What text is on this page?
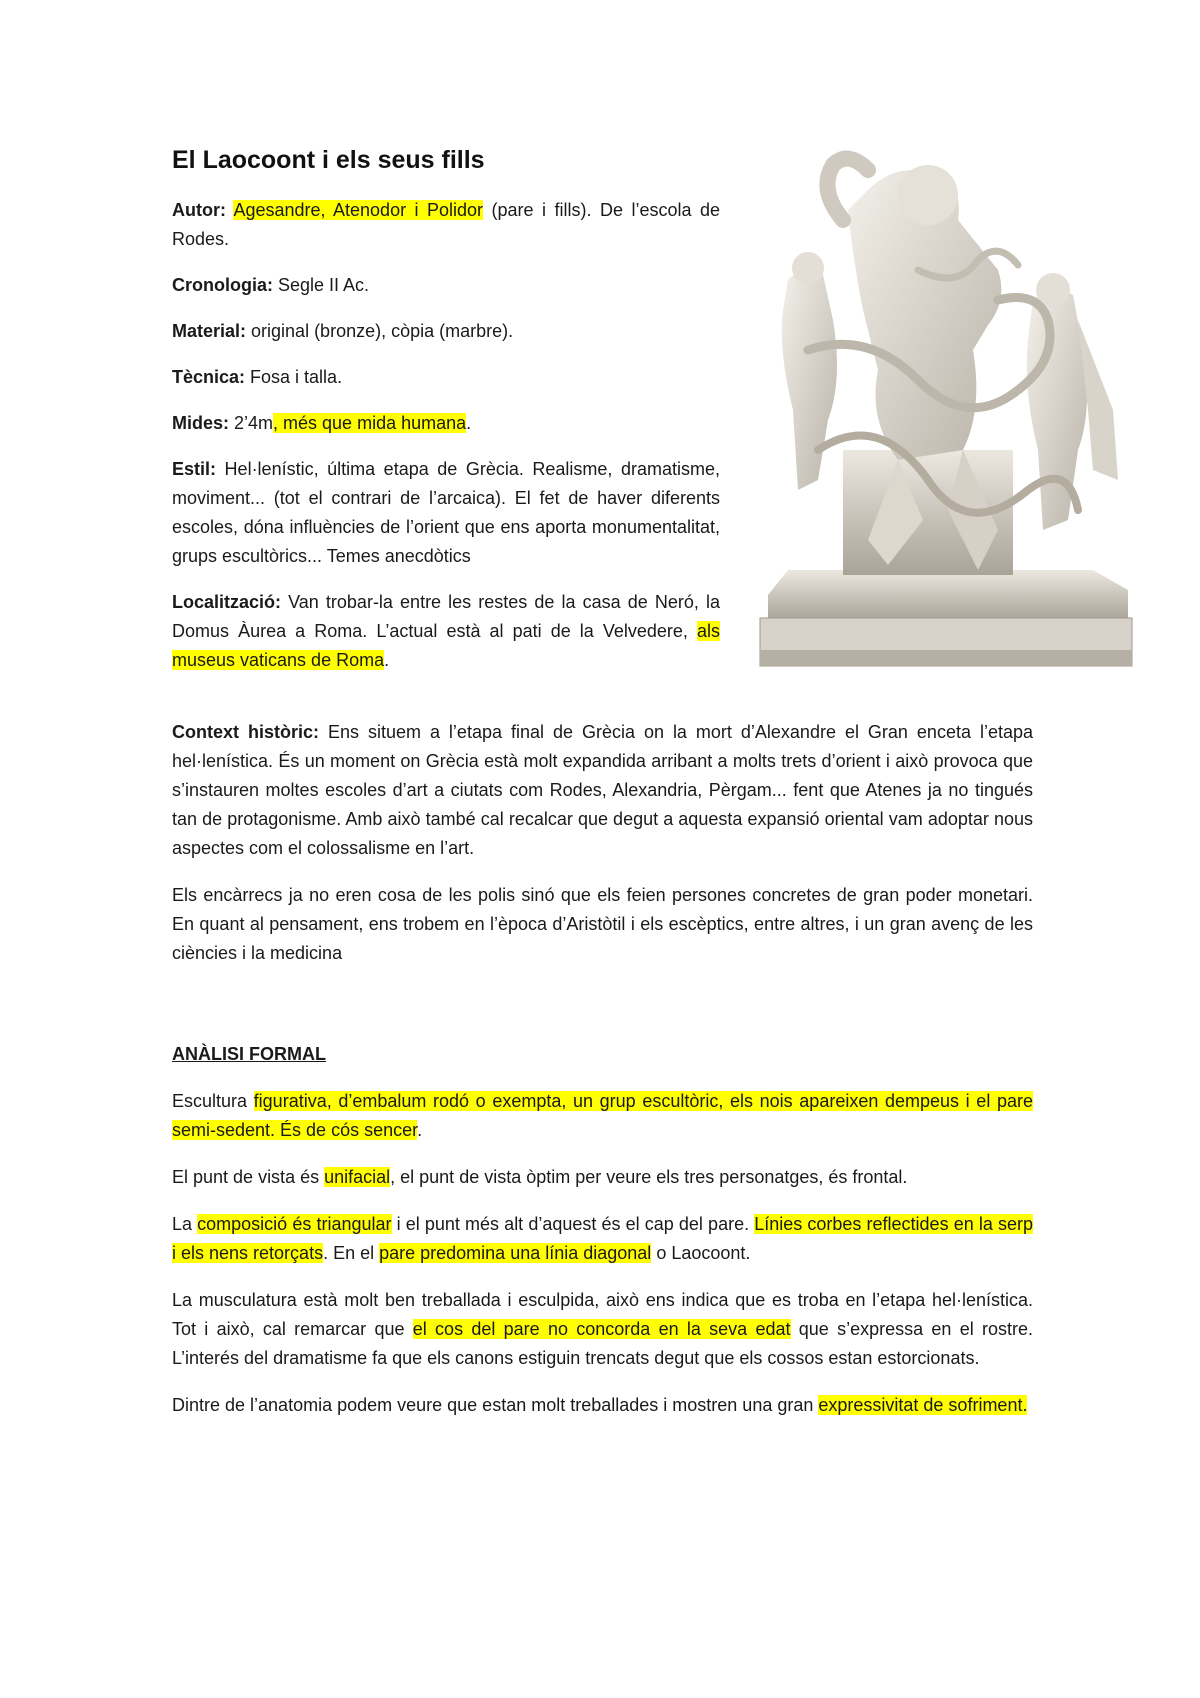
El Laocoont i els seus fills

Autor: Agesandre, Atenodor i Polidor (pare i fills). De l’escola de Rodes.

Cronologia: Segle II Ac.

Material: original (bronze), còpia (marbre).

Tècnica: Fosa i talla.

Mides: 2’4m, més que mida humana.

Estil: Hel·lenístic, última etapa de Grècia. Realisme, dramatisme, moviment... (tot el contrari de l’arcaica). El fet de haver diferents escoles, dóna influències de l’orient que ens aporta monumentalitat, grups escultòrics... Temes anecdòtics

Localització: Van trobar-la entre les restes de la casa de Neró, la Domus Àurea a Roma. L’actual està al pati de la Velvedere, als museus vaticans de Roma.

Context històric: Ens situem a l’etapa final de Grècia on la mort d’Alexandre el Gran enceta l’etapa hel·lenística. És un moment on Grècia està molt expandida arribant a molts trets d’orient i això provoca que s’instauren moltes escoles d’art a ciutats com Rodes, Alexandria, Pèrgam... fent que Atenes ja no tingués tan de protagonisme. Amb això també cal recalcar que degut a aquesta expansió oriental vam adoptar nous aspectes com el colossalisme en l’art.

Els encàrrecs ja no eren cosa de les polis sinó que els feien persones concretes de gran poder monetari. En quant al pensament, ens trobem en l’època d’Aristòtil i els escèptics, entre altres, i un gran avenç de les ciències i la medicina

ANÀLISI FORMAL

Escultura figurativa, d’embalum rodó o exempta, un grup escultòric, els nois apareixen dempeus i el pare semi-sedent. És de cós sencer.

El punt de vista és unifacial, el punt de vista òptim per veure els tres personatges, és frontal.

La composició és triangular i el punt més alt d’aquest és el cap del pare. Línies corbes reflectides en la serp i els nens retorçats. En el pare predomina una línia diagonal o Laocoont.

La musculatura està molt ben treballada i esculpida, això ens indica que es troba en l’etapa hel·lenística. Tot i això, cal remarcar que el cos del pare no concorda en la seva edat que s’expressa en el rostre. L’interés del dramatisme fa que els canons estiguin trencats degut que els cossos estan estorcionats.

Dintre de l’anatomia podem veure que estan molt treballades i mostren una gran expressivitat de sofriment.
